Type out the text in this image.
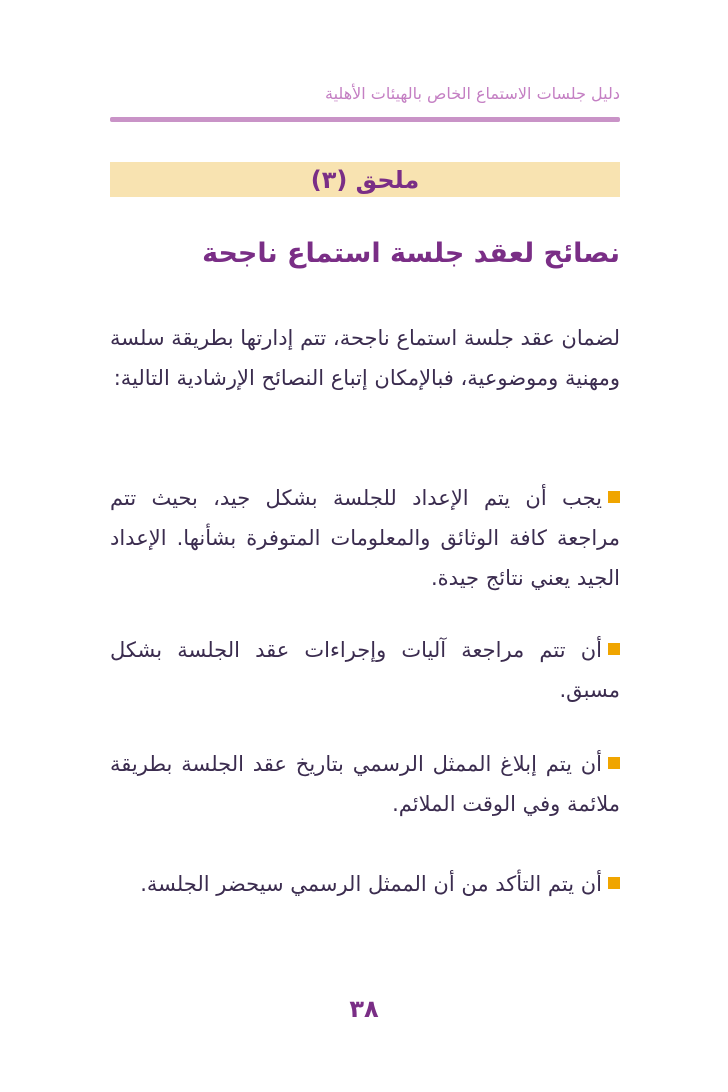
دليل جلسات الاستماع الخاص بالهيئات الأهلية
ملحق (٣)
نصائح لعقد جلسة استماع ناجحة

لضمان عقد جلسة استماع ناجحة، تتم إدارتها بطريقة سلسة ومهنية وموضوعية، فبالإمكان إتباع النصائح الإرشادية التالية:

يجب أن يتم الإعداد للجلسة بشكل جيد، بحيث تتم مراجعة كافة الوثائق والمعلومات المتوفرة بشأنها. الإعداد الجيد يعني نتائج جيدة.

أن تتم مراجعة آليات وإجراءات عقد الجلسة بشكل مسبق.

أن يتم إبلاغ الممثل الرسمي بتاريخ عقد الجلسة بطريقة ملائمة وفي الوقت الملائم.

أن يتم التأكد من أن الممثل الرسمي سيحضر الجلسة.

٣٨
